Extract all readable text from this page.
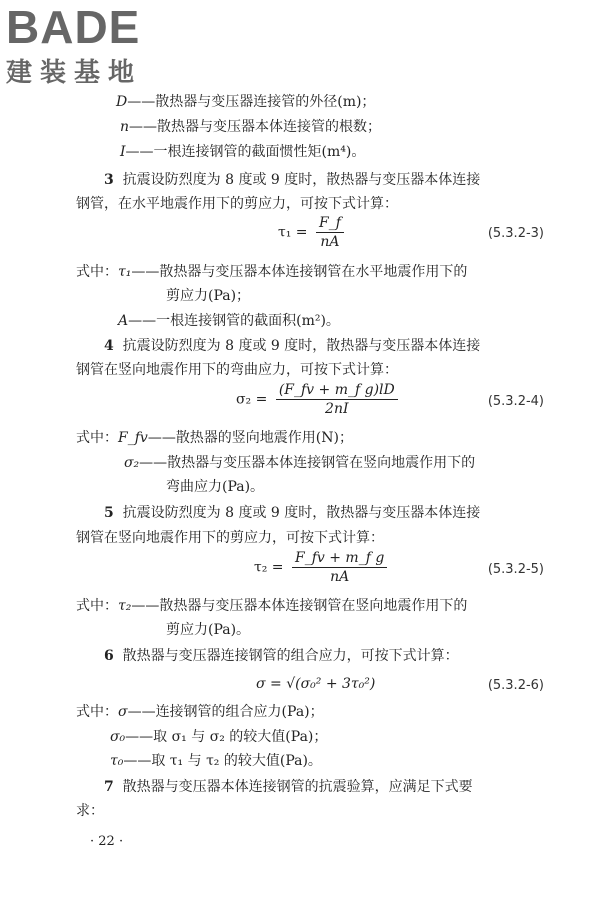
BADE
建装基地
D——散热器与变压器连接管的外径(m)；
n——散热器与变压器本体连接管的根数；
I——一根连接钢管的截面惯性矩(m⁴)。
3 抗震设防烈度为 8 度或 9 度时，散热器与变压器本体连接
钢管，在水平地震作用下的剪应力，可按下式计算：
$\tau_1 = \frac{F\_f}{nA}$	(5.3.2-3)
式中：τ₁——散热器与变压器本体连接钢管在水平地震作用下的
剪应力(Pa)；
A——一根连接钢管的截面积(m²)。
4 抗震设防烈度为 8 度或 9 度时，散热器与变压器本体连接
钢管在竖向地震作用下的弯曲应力，可按下式计算：
$\sigma_2 = \frac{\text{(F\_fv + m\_f g)lD}}{2nI}$	(5.3.2-4)
式中：F_fv——散热器的竖向地震作用(N)；
σ₂——散热器与变压器本体连接钢管在竖向地震作用下的
弯曲应力(Pa)。
5 抗震设防烈度为 8 度或 9 度时，散热器与变压器本体连接
钢管在竖向地震作用下的剪应力，可按下式计算：
$\tau_2 = \frac{\text{F\_fv + m\_f g}}{nA}$	(5.3.2-5)
式中：τ₂——散热器与变压器本体连接钢管在竖向地震作用下的
剪应力(Pa)。
6 散热器与变压器连接钢管的组合应力，可按下式计算：
σ = √(σ₀² + 3τ₀²)	(5.3.2-6)
式中：σ——连接钢管的组合应力(Pa)；
σ₀——取 σ₁ 与 σ₂ 的较大值(Pa)；
τ₀——取 τ₁ 与 τ₂ 的较大值(Pa)。
7 散热器与变压器本体连接钢管的抗震验算，应满足下式要
求：
· 22 ·
